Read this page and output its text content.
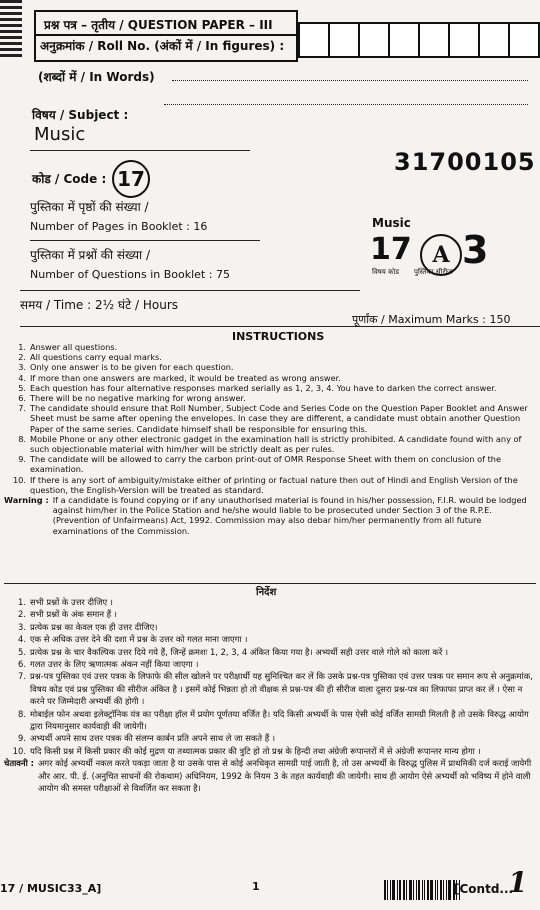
प्रश्न पत्र – तृतीय / QUESTION PAPER – III
अनुक्रमांक / Roll No. (अंकों में / In figures) :
(शब्दों में / In Words)
विषय / Subject :
Music
कोड / Code : 17
31700105
पुस्तिका में पृष्ठों की संख्या /
Number of Pages in Booklet : 16
पुस्तिका में प्रश्नों की संख्या /
Number of Questions in Booklet : 75
Music
17 A 3
विषय कोड पुस्तिका सीरीज
समय / Time : 2½ घंटे / Hours
पूर्णांक / Maximum Marks : 150
INSTRUCTIONS
1. Answer all questions.
2. All questions carry equal marks.
3. Only one answer is to be given for each question.
4. If more than one answers are marked, it would be treated as wrong answer.
5. Each question has four alternative responses marked serially as 1, 2, 3, 4. You have to darken the correct answer.
6. There will be no negative marking for wrong answer.
7. The candidate should ensure that Roll Number, Subject Code and Series Code on the Question Paper Booklet and Answer Sheet must be same after opening the envelopes. In case they are different, a candidate must obtain another Question Paper of the same series. Candidate himself shall be responsible for ensuring this.
8. Mobile Phone or any other electronic gadget in the examination hall is strictly prohibited. A candidate found with any of such objectionable material with him/her will be strictly dealt as per rules.
9. The candidate will be allowed to carry the carbon print-out of OMR Response Sheet with them on conclusion of the examination.
10. If there is any sort of ambiguity/mistake either of printing or factual nature then out of Hindi and English Version of the question, the English-Version will be treated as standard.
Warning : If a candidate is found copying or if any unauthorised material is found in his/her possession, F.I.R. would be lodged against him/her in the Police Station and he/she would liable to be prosecuted under Section 3 of the R.P.E. (Prevention of Unfairmeans) Act, 1992. Commission may also debar him/her permanently from all future examinations of the Commission.
निर्देश
1. सभी प्रश्नों के उत्तर दीजिए ।
2. सभी प्रश्नों के अंक समान हैं ।
3. प्रत्येक प्रश्न का केवल एक ही उत्तर दीजिए।
4. एक से अधिक उत्तर देने की दशा में प्रश्न के उत्तर को गलत माना जाएगा ।
5. प्रत्येक प्रश्न के चार वैकल्पिक उत्तर दिये गये हैं, जिन्हें क्रमशः 1, 2, 3, 4 अंकित किया गया है। अभ्यर्थी सही उत्तर वाले गोले को काला करें ।
6. गलत उत्तर के लिए ऋणात्मक अंकन नहीं किया जाएगा ।
7. प्रश्न-पत्र पुस्तिका एवं उत्तर पत्रक के लिफाफे की सील खोलने पर परीक्षार्थी यह सुनिश्चित कर लें कि उसके प्रश्न-पत्र पुस्तिका एवं उत्तर पत्रक पर समान रूप से अनुक्रमांक, विषय कोड एवं प्रश्न पुस्तिका की सीरीज अंकित है । इसमें कोई भिन्नता हो तो वीक्षक से प्रश्न-पत्र की ही सीरीज वाला दूसरा प्रश्न-पत्र का लिफाफा प्राप्त कर लें । ऐसा न करने पर जिम्मेदारी अभ्यर्थी की होगी ।
8. मोबाईल फोन अथवा इलेक्ट्रॉनिक यंत्र का परीक्षा हॉल में प्रयोग पूर्णतया वर्जित है। यदि किसी अभ्यर्थी के पास ऐसी कोई वर्जित सामग्री मिलती है तो उसके विरुद्ध आयोग द्वारा नियमानुसार कार्यवाही की जायेगी।
9. अभ्यर्थी अपने साथ उत्तर पत्रक की संलग्न कार्बन प्रति अपने साथ ले जा सकते हैं ।
10. यदि किसी प्रश्न में किसी प्रकार की कोई मुद्रण या तथ्यात्मक प्रकार की त्रुटि हो तो प्रश्न के हिन्दी तथा अंग्रेजी रूपान्तरों में से अंग्रेजी रूपान्तर मान्य होगा ।
चेतावनी : अगर कोई अभ्यर्थी नकल करते पकड़ा जाता है या उसके पास से कोई अनधिकृत सामग्री पाई जाती है, तो उस अभ्यर्थी के विरुद्ध पुलिस में प्राथमिकी दर्ज कराई जायेगी और आर. पी. ई. (अनुचित साधनों की रोकथाम) अधिनियम, 1992 के नियम 3 के तहत कार्यवाही की जायेगी। साथ ही आयोग ऐसे अभ्यर्थी को भविष्य में होने वाली आयोग की समस्त परीक्षाओं से विवर्जित कर सकता है।
17 / MUSIC33_A]	1	[Contd...
1
